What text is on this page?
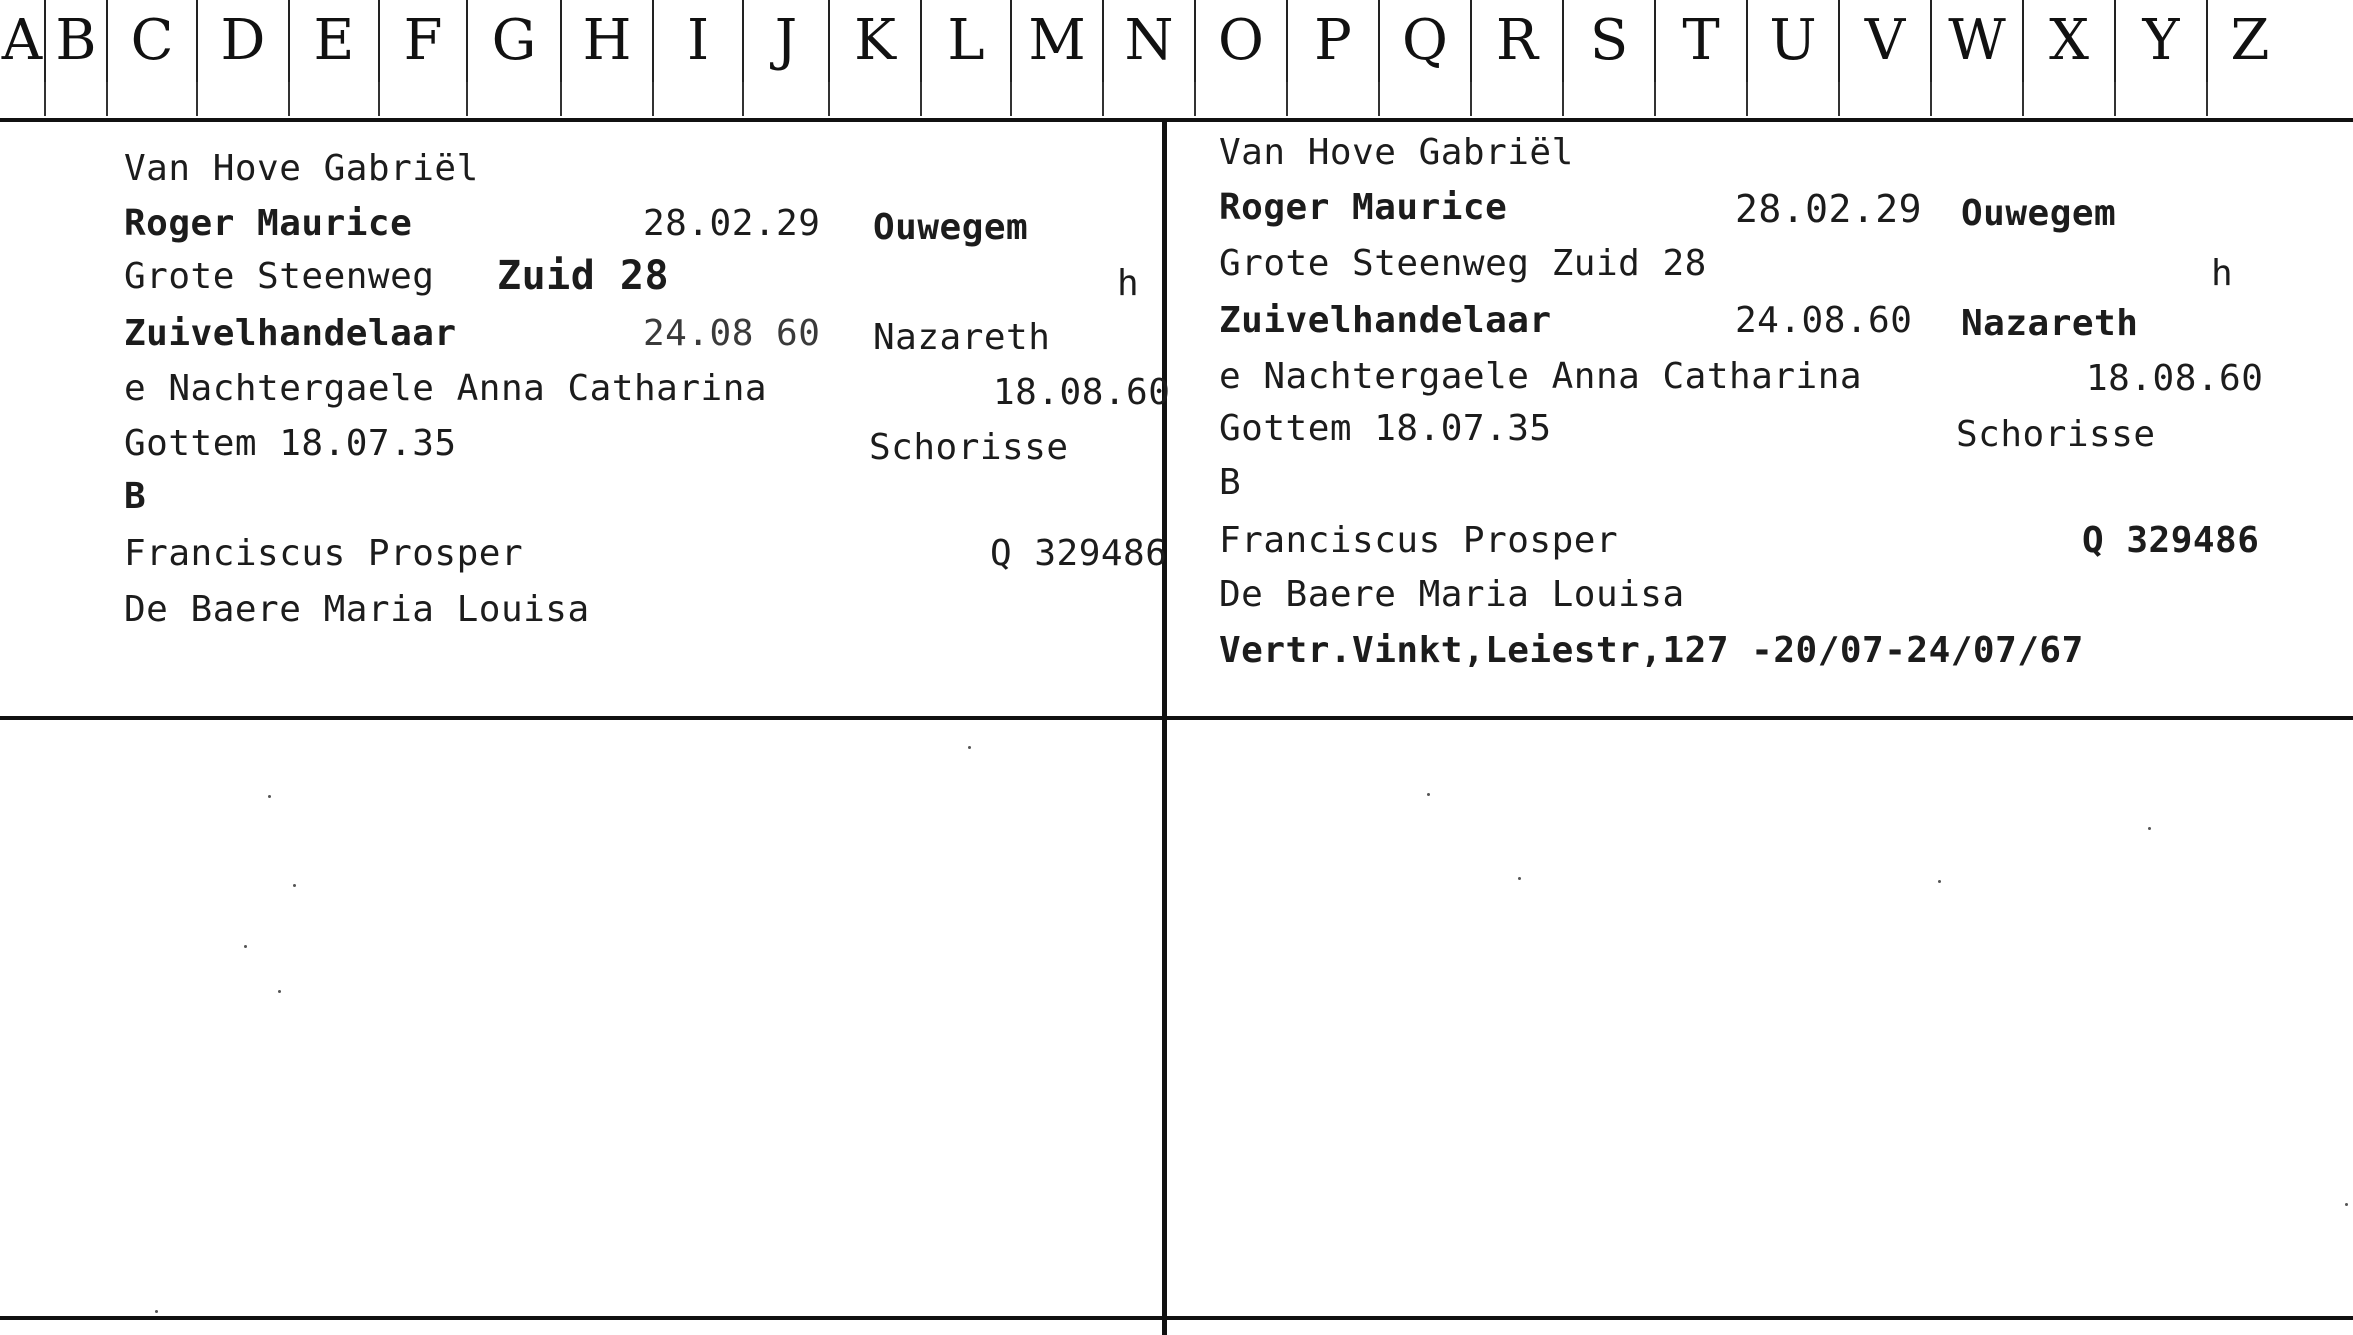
A B C D E F G H I	J	K L M N O P Q R S T U V W X Y Z
Van Hove Gabriël
Roger Maurice	28.02.29 Ouwegem
Grote Steenweg Zuid 28	h
Zuivelhandelaar	24.08 60 Nazareth
e Nachtergaele Anna Catharina	18.08.60
Gottem 18.07.35	Schorisse
B
Franciscus Prosper	Q 329486
De Baere Maria Louisa
Van Hove Gabriël
Roger Maurice	28.02.29 Ouwegem
Grote Steenweg Zuid 28	h
Zuivelhandelaar	24.08.60 Nazareth
e Nachtergaele Anna Catharina	18.08.60
Gottem 18.07.35	Schorisse
B
Franciscus Prosper	Q 329486
De Baere Maria Louisa
Vertr.Vinkt,Leiestr,127 -20/07-24/07/67
